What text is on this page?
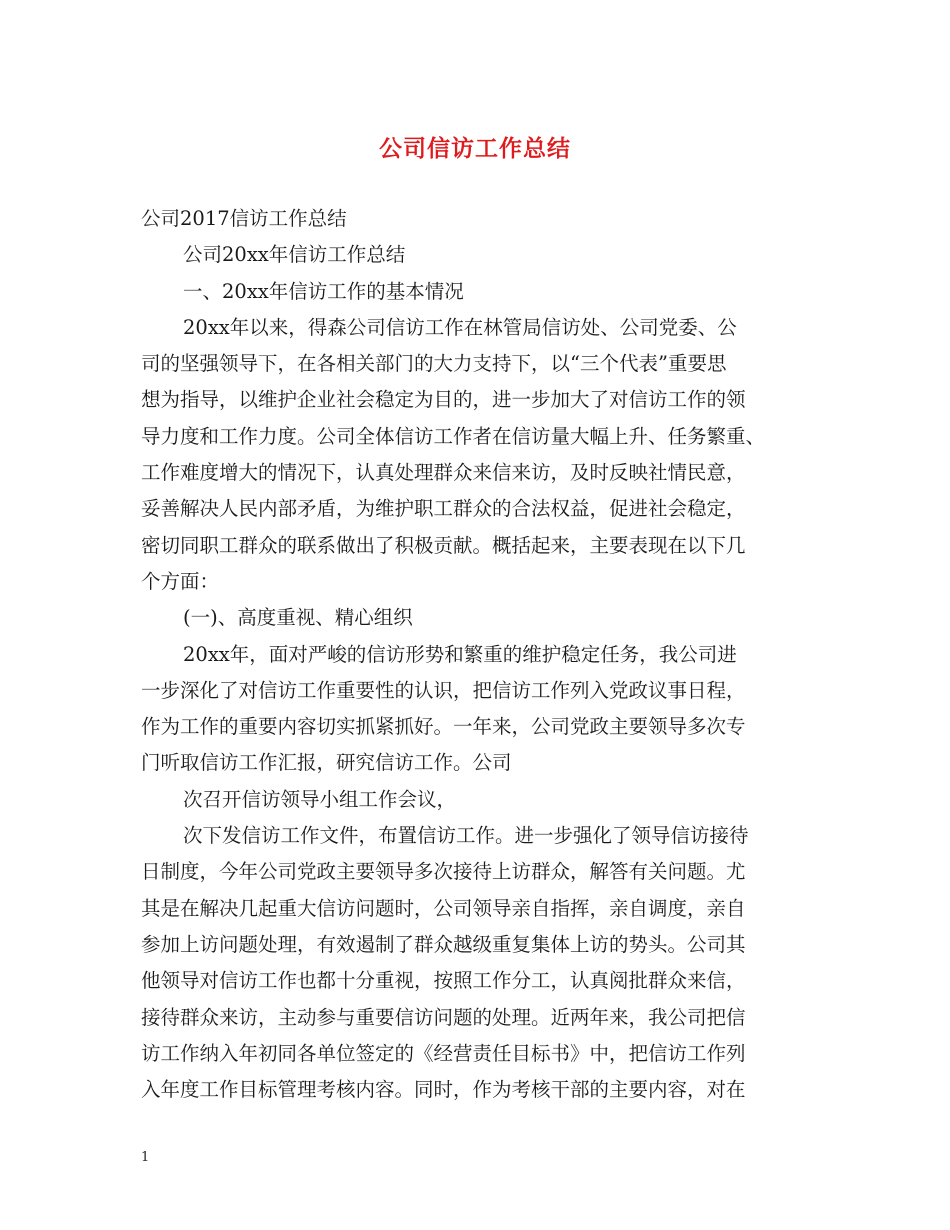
公司信访工作总结
公司2017信访工作总结
公司20xx年信访工作总结
一、20xx年信访工作的基本情况
20xx年以来，得森公司信访工作在林管局信访处、公司党委、公
司的坚强领导下，在各相关部门的大力支持下，以“三个代表”重要思
想为指导，以维护企业社会稳定为目的，进一步加大了对信访工作的领
导力度和工作力度。公司全体信访工作者在信访量大幅上升、任务繁重、
工作难度增大的情况下，认真处理群众来信来访，及时反映社情民意，
妥善解决人民内部矛盾，为维护职工群众的合法权益，促进社会稳定，
密切同职工群众的联系做出了积极贡献。概括起来，主要表现在以下几
个方面：
(一)、高度重视、精心组织
20xx年，面对严峻的信访形势和繁重的维护稳定任务，我公司进
一步深化了对信访工作重要性的认识，把信访工作列入党政议事日程，
作为工作的重要内容切实抓紧抓好。一年来，公司党政主要领导多次专
门听取信访工作汇报，研究信访工作。公司
次召开信访领导小组工作会议，
次下发信访工作文件，布置信访工作。进一步强化了领导信访接待
日制度，今年公司党政主要领导多次接待上访群众，解答有关问题。尤
其是在解决几起重大信访问题时，公司领导亲自指挥，亲自调度，亲自
参加上访问题处理，有效遏制了群众越级重复集体上访的势头。公司其
他领导对信访工作也都十分重视，按照工作分工，认真阅批群众来信，
接待群众来访，主动参与重要信访问题的处理。近两年来，我公司把信
访工作纳入年初同各单位签定的《经营责任目标书》中，把信访工作列
入年度工作目标管理考核内容。同时，作为考核干部的主要内容，对在
1
